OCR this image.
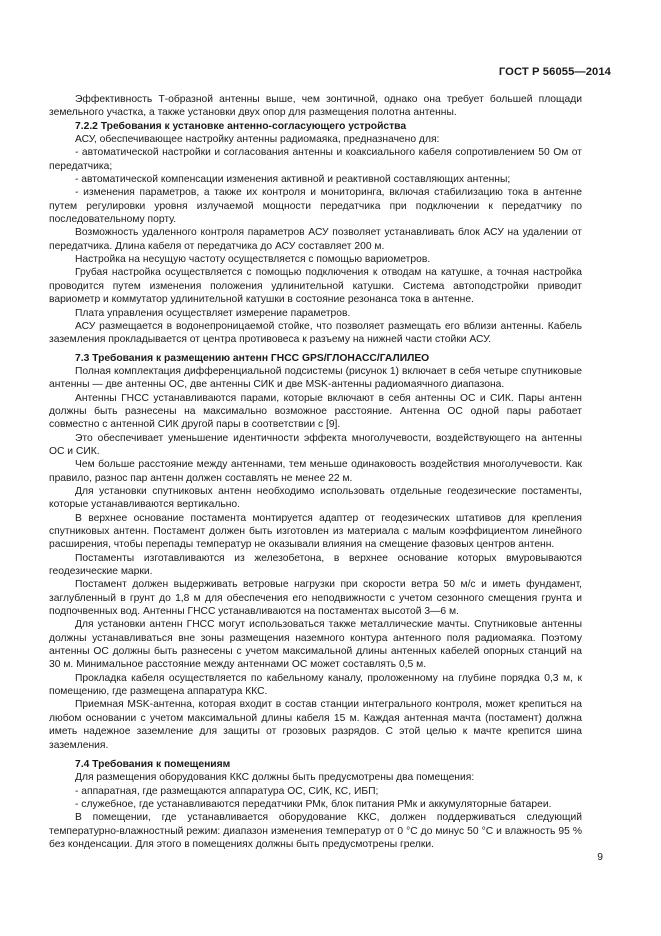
ГОСТ Р 56055—2014

Эффективность Т-образной антенны выше, чем зонтичной, однако она требует большей площади земельного участка, а также установки двух опор для размещения полотна антенны.

7.2.2 Требования к установке антенно-согласующего устройства

АСУ, обеспечивающее настройку антенны радиомаяка, предназначено для:

- автоматической настройки и согласования антенны и коаксиального кабеля сопротивлением 50 Ом от передатчика;

- автоматической компенсации изменения активной и реактивной составляющих антенны;

- изменения параметров, а также их контроля и мониторинга, включая стабилизацию тока в антенне путем регулировки уровня излучаемой мощности передатчика при подключении к передатчику по последовательному порту.

Возможность удаленного контроля параметров АСУ позволяет устанавливать блок АСУ на удалении от передатчика. Длина кабеля от передатчика до АСУ составляет 200 м.

Настройка на несущую частоту осуществляется с помощью вариометров.

Грубая настройка осуществляется с помощью подключения к отводам на катушке, а точная настройка проводится путем изменения положения удлинительной катушки. Система автоподстройки приводит вариометр и коммутатор удлинительной катушки в состояние резонанса тока в антенне.

Плата управления осуществляет измерение параметров.

АСУ размещается в водонепроницаемой стойке, что позволяет размещать его вблизи антенны. Кабель заземления прокладывается от центра противовеса к разъему на нижней части стойки АСУ.

7.3 Требования к размещению антенн ГНСС GPS/ГЛОНАСС/ГАЛИЛЕО

Полная комплектация дифференциальной подсистемы (рисунок 1) включает в себя четыре спутниковые антенны — две антенны ОС, две антенны СИК и две MSK-антенны радиомаячного диапазона.

Антенны ГНСС устанавливаются парами, которые включают в себя антенны ОС и СИК. Пары антенн должны быть разнесены на максимально возможное расстояние. Антенна ОС одной пары работает совместно с антенной СИК другой пары в соответствии с [9].

Это обеспечивает уменьшение идентичности эффекта многолучевости, воздействующего на антенны ОС и СИК.

Чем больше расстояние между антеннами, тем меньше одинаковость воздействия многолучевости. Как правило, разнос пар антенн должен составлять не менее 22 м.

Для установки спутниковых антенн необходимо использовать отдельные геодезические постаменты, которые устанавливаются вертикально.

В верхнее основание постамента монтируется адаптер от геодезических штативов для крепления спутниковых антенн. Постамент должен быть изготовлен из материала с малым коэффициентом линейного расширения, чтобы перепады температур не оказывали влияния на смещение фазовых центров антенн.

Постаменты изготавливаются из железобетона, в верхнее основание которых вмуровываются геодезические марки.

Постамент должен выдерживать ветровые нагрузки при скорости ветра 50 м/с и иметь фундамент, заглубленный в грунт до 1,8 м для обеспечения его неподвижности с учетом сезонного смещения грунта и подпочвенных вод. Антенны ГНСС устанавливаются на постаментах высотой 3—6 м.

Для установки антенн ГНСС могут использоваться также металлические мачты. Спутниковые антенны должны устанавливаться вне зоны размещения наземного контура антенного поля радиомаяка. Поэтому антенны ОС должны быть разнесены с учетом максимальной длины антенных кабелей опорных станций на 30 м. Минимальное расстояние между антеннами ОС может составлять 0,5 м.

Прокладка кабеля осуществляется по кабельному каналу, проложенному на глубине порядка 0,3 м, к помещению, где размещена аппаратура ККС.

Приемная MSK-антенна, которая входит в состав станции интегрального контроля, может крепиться на любом основании с учетом максимальной длины кабеля 15 м. Каждая антенная мачта (постамент) должна иметь надежное заземление для защиты от грозовых разрядов. С этой целью к мачте крепится шина заземления.

7.4 Требования к помещениям

Для размещения оборудования ККС должны быть предусмотрены два помещения:

- аппаратная, где размещаются аппаратура ОС, СИК, КС, ИБП;

- служебное, где устанавливаются передатчики РМк, блок питания РМк и аккумуляторные батареи.

В помещении, где устанавливается оборудование ККС, должен поддерживаться следующий температурно-влажностный режим: диапазон изменения температур от 0 °С до минус 50 °С и влажность 95 % без конденсации. Для этого в помещениях должны быть предусмотрены грелки.

9
